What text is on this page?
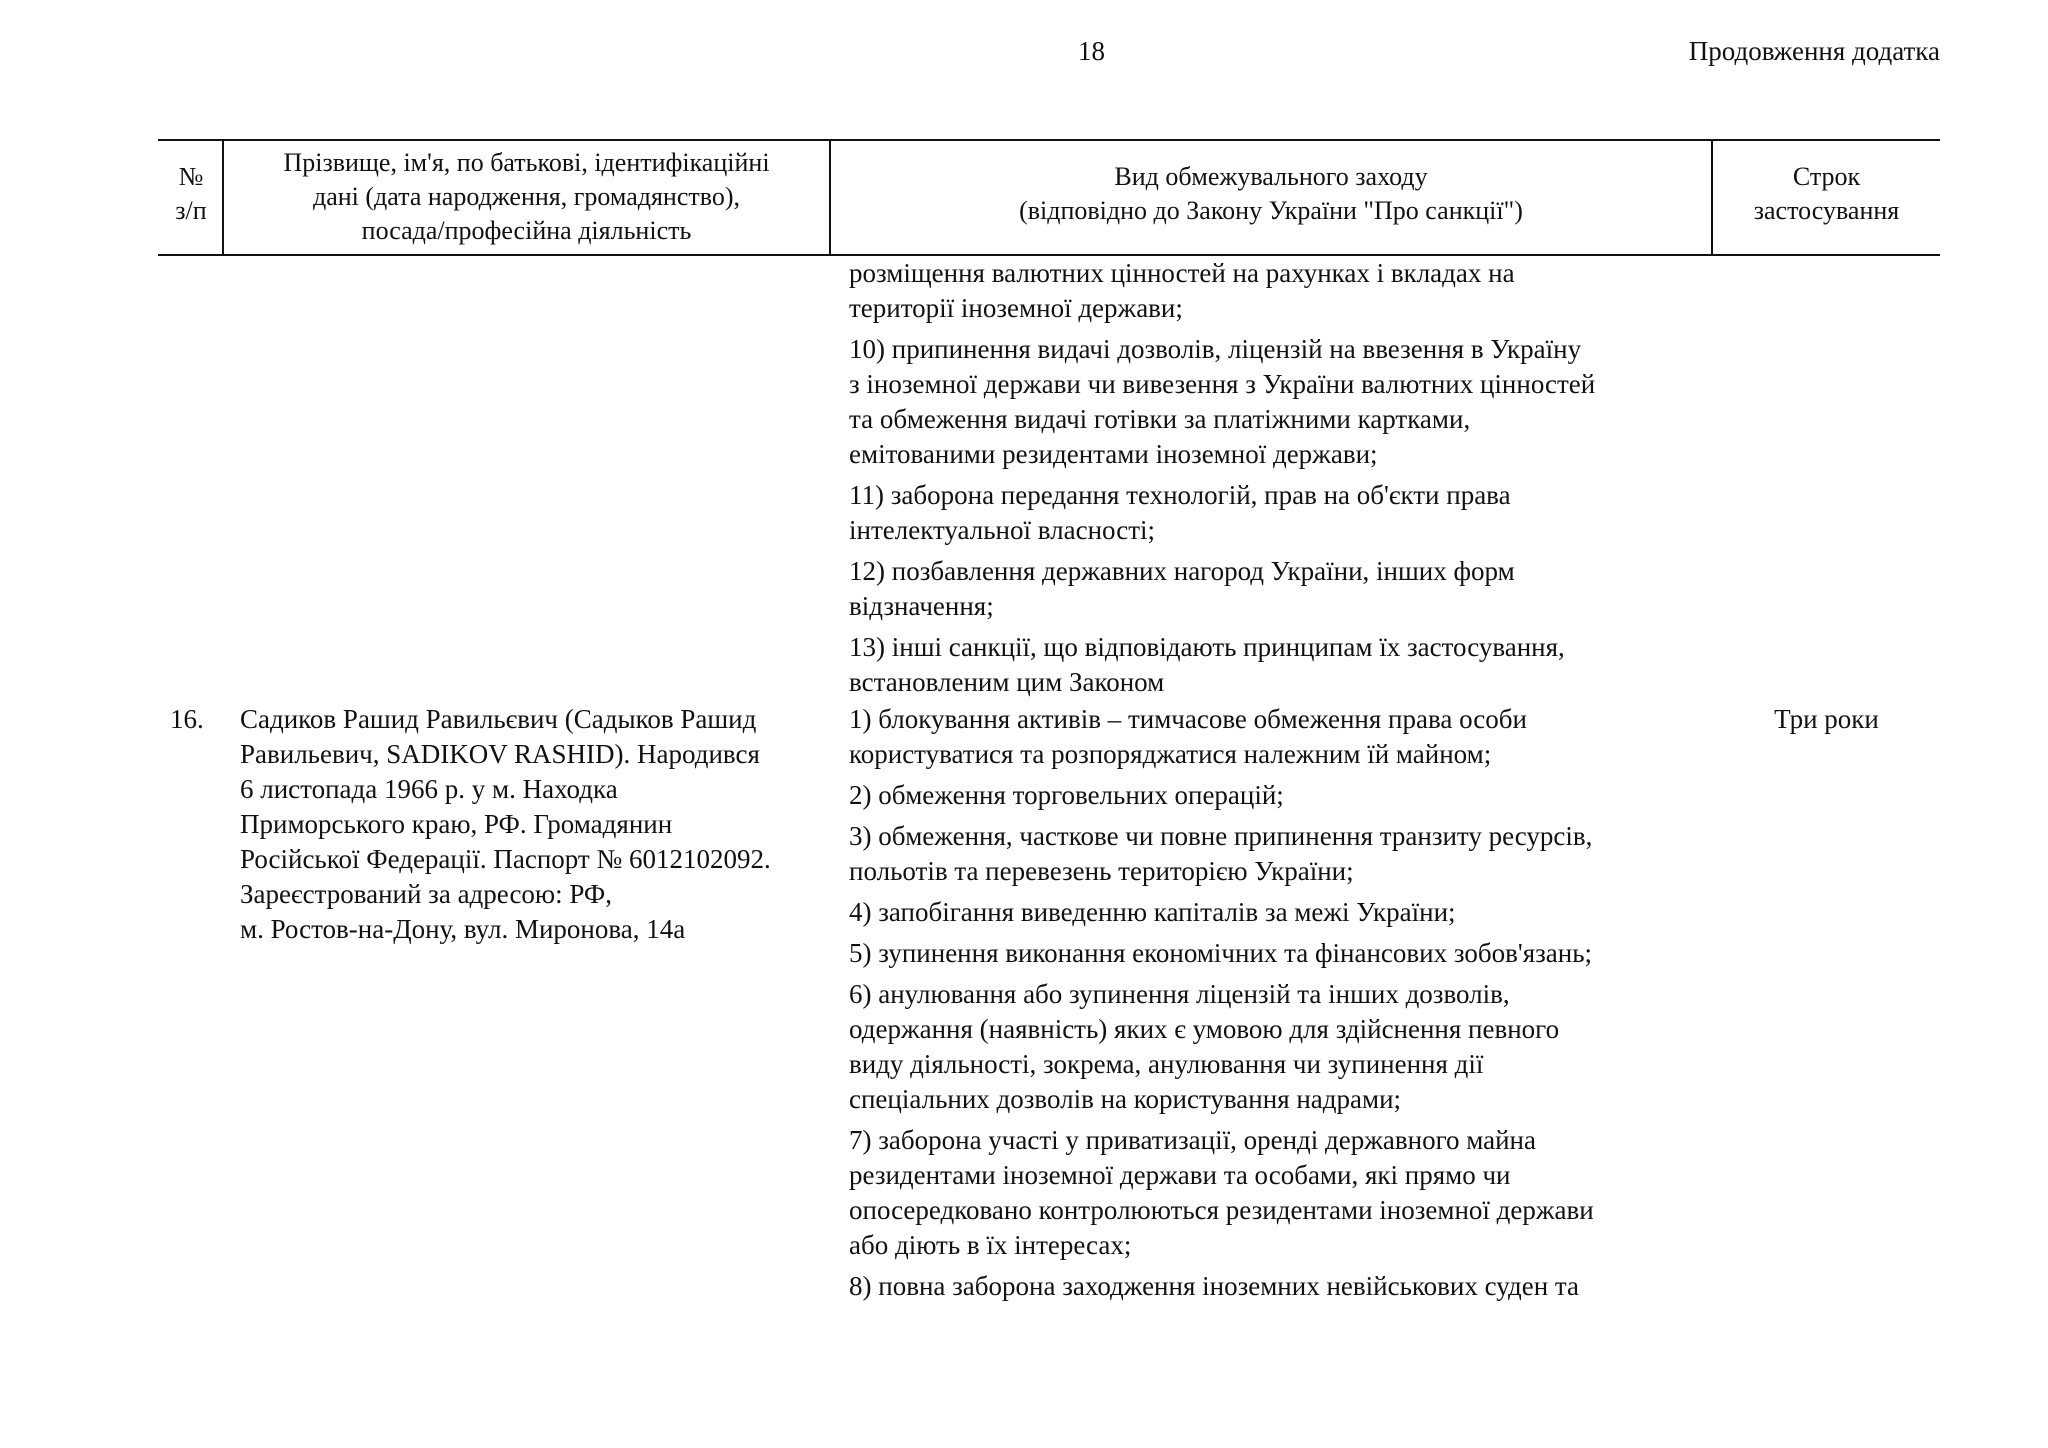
18	Продовження додатка
№
з/п
Прізвище, ім'я, по батькові, ідентифікаційні
дані (дата народження, громадянство),
посада/професійна діяльність
Вид обмежувального заходу
(відповідно до Закону України "Про санкції")
Строк
застосування
розміщення валютних цінностей на рахунках і вкладах на
території іноземної держави;
10) припинення видачі дозволів, ліцензій на ввезення в Україну
з іноземної держави чи вивезення з України валютних цінностей
та обмеження видачі готівки за платіжними картками,
емітованими резидентами іноземної держави;
11) заборона передання технологій, прав на об'єкти права
інтелектуальної власності;
12) позбавлення державних нагород України, інших форм
відзначення;
13) інші санкції, що відповідають принципам їх застосування,
встановленим цим Законом
16. Садиков Рашид Равильєвич (Садыков Рашид
Равильевич, SADIKOV RASHID). Народився
6 листопада 1966 р. у м. Находка
Приморського краю, РФ. Громадянин
Російської Федерації. Паспорт № 6012102092.
Зареєстрований за адресою: РФ,
м. Ростов-на-Дону, вул. Миронова, 14а
1) блокування активів – тимчасове обмеження права особи
користуватися та розпоряджатися належним їй майном;
2) обмеження торговельних операцій;
3) обмеження, часткове чи повне припинення транзиту ресурсів,
польотів та перевезень територією України;
4) запобігання виведенню капіталів за межі України;
5) зупинення виконання економічних та фінансових зобов'язань;
6) анулювання або зупинення ліцензій та інших дозволів,
одержання (наявність) яких є умовою для здійснення певного
виду діяльності, зокрема, анулювання чи зупинення дії
спеціальних дозволів на користування надрами;
7) заборона участі у приватизації, оренді державного майна
резидентами іноземної держави та особами, які прямо чи
опосередковано контролюються резидентами іноземної держави
або діють в їх інтересах;
8) повна заборона заходження іноземних невійськових суден та
Три роки
